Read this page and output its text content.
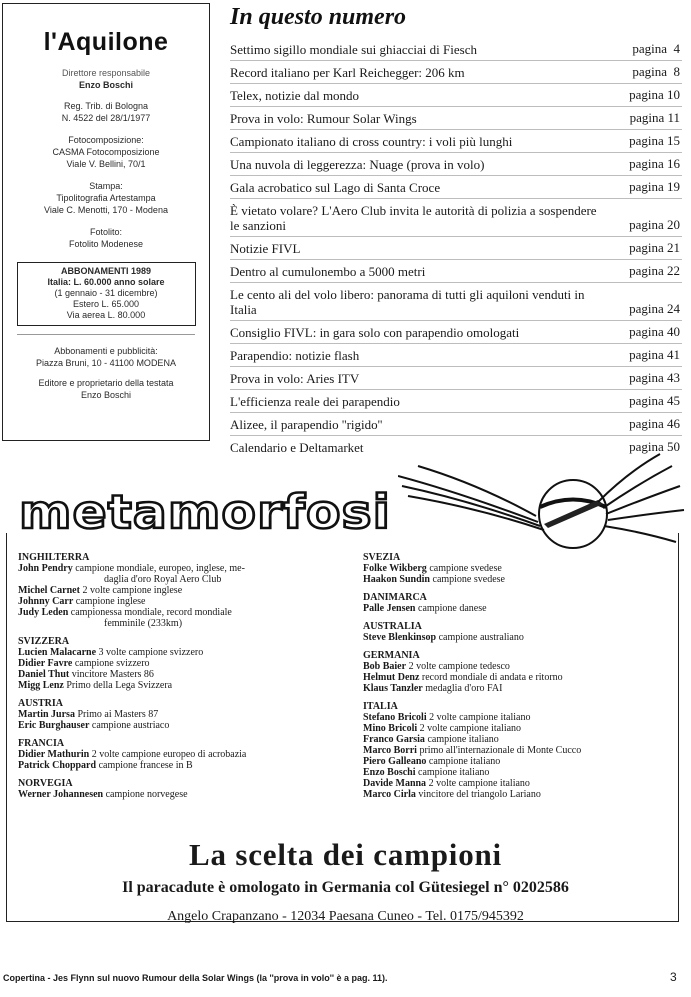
l'Aquilone
Direttore responsabile
Enzo Boschi
Reg. Trib. di Bologna
N. 4522 del 28/1/1977
Fotocomposizione:
CASMA Fotocomposizione
Viale V. Bellini, 70/1
Stampa:
Tipolitografia Artestampa
Viale C. Menotti, 170 - Modena
Fotolito:
Fotolito Modenese
ABBONAMENTI 1989
Italia: L. 60.000 anno solare
(1 gennaio - 31 dicembre)
Estero L. 65.000
Via aerea L. 80.000
Abbonamenti e pubblicità:
Piazza Bruni, 10 - 41100 MODENA
Editore e proprietario della testata
Enzo Boschi
In questo numero
Settimo sigillo mondiale sui ghiacciai di Fiesch	pagina  4
Record italiano per Karl Reichegger: 206 km	pagina  8
Telex, notizie dal mondo	pagina 10
Prova in volo: Rumour Solar Wings	pagina 11
Campionato italiano di cross country: i voli più lunghi	pagina 15
Una nuvola di leggerezza: Nuage (prova in volo)	pagina 16
Gala acrobatico sul Lago di Santa Croce	pagina 19
È vietato volare? L'Aero Club invita le autorità di polizia a sospendere le sanzioni	pagina 20
Notizie FIVL	pagina 21
Dentro al cumulonembo a 5000 metri	pagina 22
Le cento ali del volo libero: panorama di tutti gli aquiloni venduti in Italia	pagina 24
Consiglio FIVL: in gara solo con parapendio omologati	pagina 40
Parapendio: notizie flash	pagina 41
Prova in volo: Aries ITV	pagina 43
L'efficienza reale dei parapendio	pagina 45
Alizee, il parapendio ''rigido''	pagina 46
Calendario e Deltamarket	pagina 50
metamorfosi
INGHILTERRA
John Pendry campione mondiale, europeo, inglese, me-
daglia d'oro Royal Aero Club
Michel Carnet 2 volte campione inglese
Johnny Carr campione inglese
Judy Leden campionessa mondiale, record mondiale
femminile (233km)
SVIZZERA
Lucien Malacarne 3 volte campione svizzero
Didier Favre campione svizzero
Daniel Thut vincitore Masters 86
Migg Lenz Primo della Lega Svizzera
AUSTRIA
Martin Jursa Primo ai Masters 87
Eric Burghauser campione austriaco
FRANCIA
Didier Mathurin 2 volte campione europeo di acrobazia
Patrick Choppard campione francese in B
NORVEGIA
Werner Johannesen campione norvegese
SVEZIA
Folke Wikberg campione svedese
Haakon Sundin campione svedese
DANIMARCA
Palle Jensen campione danese
AUSTRALIA
Steve Blenkinsop campione australiano
GERMANIA
Bob Baier 2 volte campione tedesco
Helmut Denz record mondiale di andata e ritorno
Klaus Tanzler medaglia d'oro FAI
ITALIA
Stefano Bricoli 2 volte campione italiano
Mino Bricoli 2 volte campione italiano
Franco Garsia campione italiano
Marco Borri primo all'internazionale di Monte Cucco
Piero Galleano campione italiano
Enzo Boschi campione italiano
Davide Manna 2 volte campione italiano
Marco Cirla vincitore del triangolo Lariano
La scelta dei campioni
Il paracadute è omologato in Germania col Gütesiegel n° 0202586
Angelo Crapanzano - 12034 Paesana Cuneo - Tel. 0175/945392
Copertina - Jes Flynn sul nuovo Rumour della Solar Wings (la ''prova in volo'' è a pag. 11).	3
